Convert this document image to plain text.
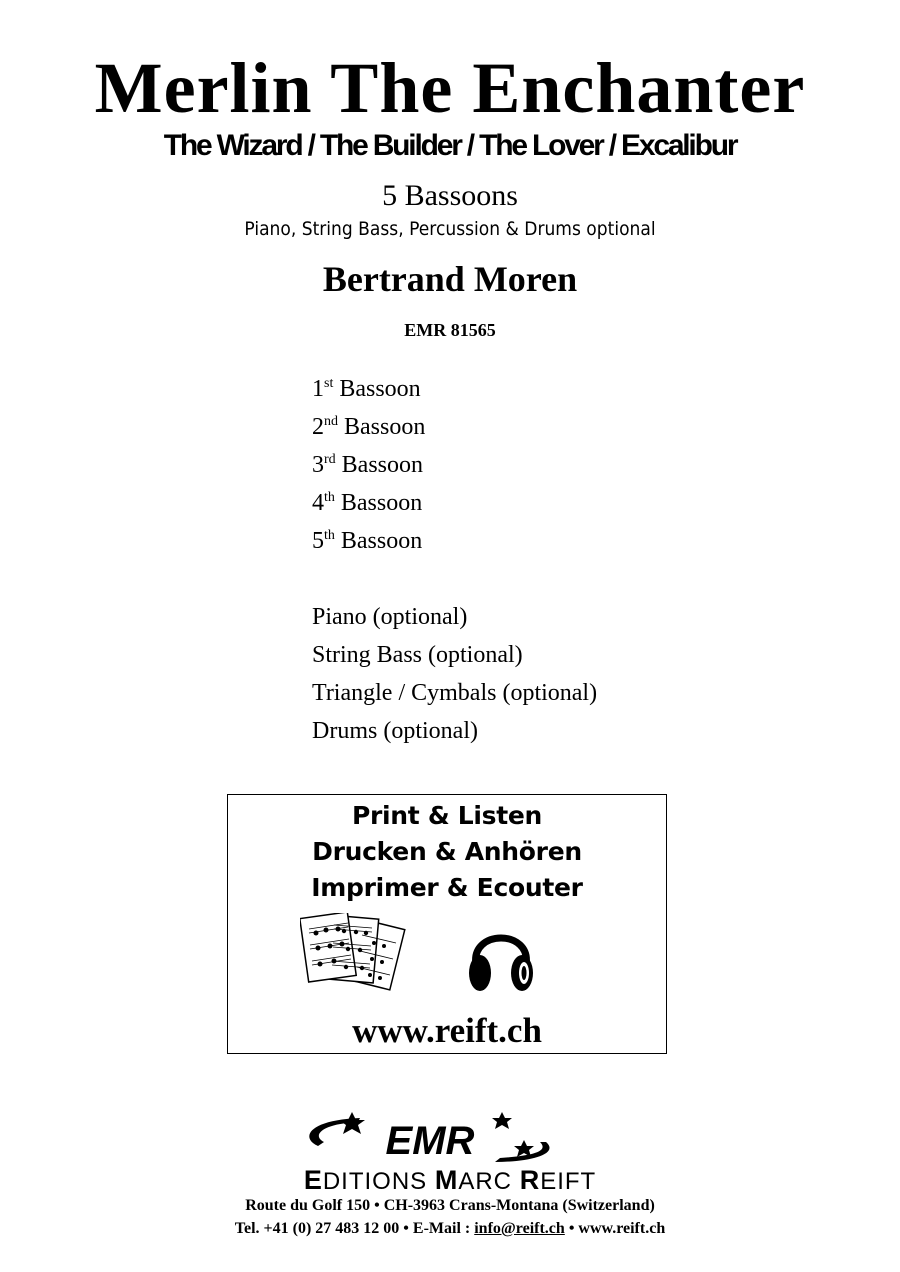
Merlin The Enchanter
The Wizard / The Builder / The Lover / Excalibur
5 Bassoons
Piano, String Bass, Percussion & Drums optional
Bertrand Moren
EMR 81565
1st Bassoon
2nd Bassoon
3rd Bassoon
4th Bassoon
5th Bassoon
Piano (optional)
String Bass (optional)
Triangle / Cymbals (optional)
Drums (optional)
Print & Listen
Drucken & Anhören
Imprimer & Ecouter
www.reift.ch
EMR
EDITIONS MARC REIFT
Route du Golf 150 • CH-3963 Crans-Montana (Switzerland)
Tel. +41 (0) 27 483 12 00 • E-Mail : info@reift.ch • www.reift.ch
